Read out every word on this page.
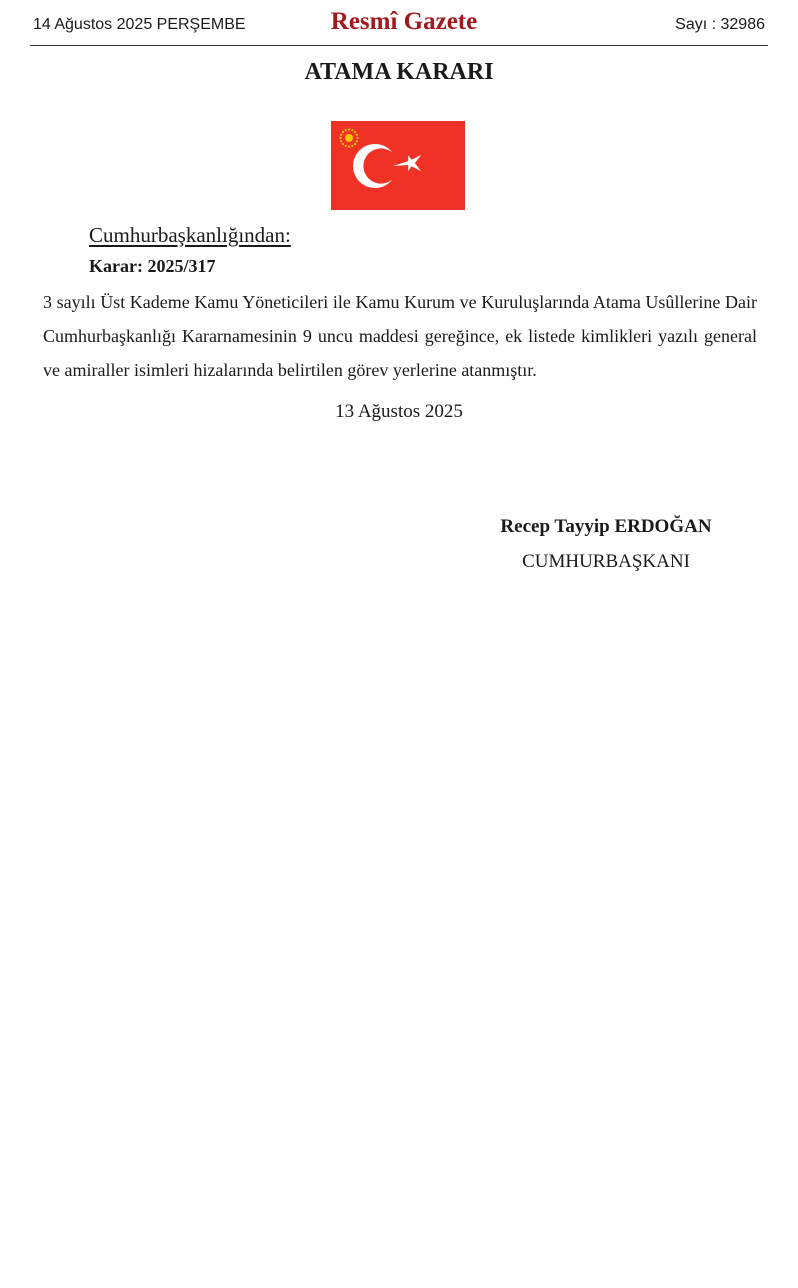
14 Ağustos 2025 PERŞEMBE	Resmî Gazete	Sayı : 32986
ATAMA KARARI
Cumhurbaşkanlığından:
Karar: 2025/317
3 sayılı Üst Kademe Kamu Yöneticileri ile Kamu Kurum ve Kuruluşlarında Atama Usûllerine Dair Cumhurbaşkanlığı Kararnamesinin 9 uncu maddesi gereğince, ek listede kimlikleri yazılı general ve amiraller isimleri hizalarında belirtilen görev yerlerine atanmıştır.
13 Ağustos 2025
Recep Tayyip ERDOĞAN
CUMHURBAŞKANI
